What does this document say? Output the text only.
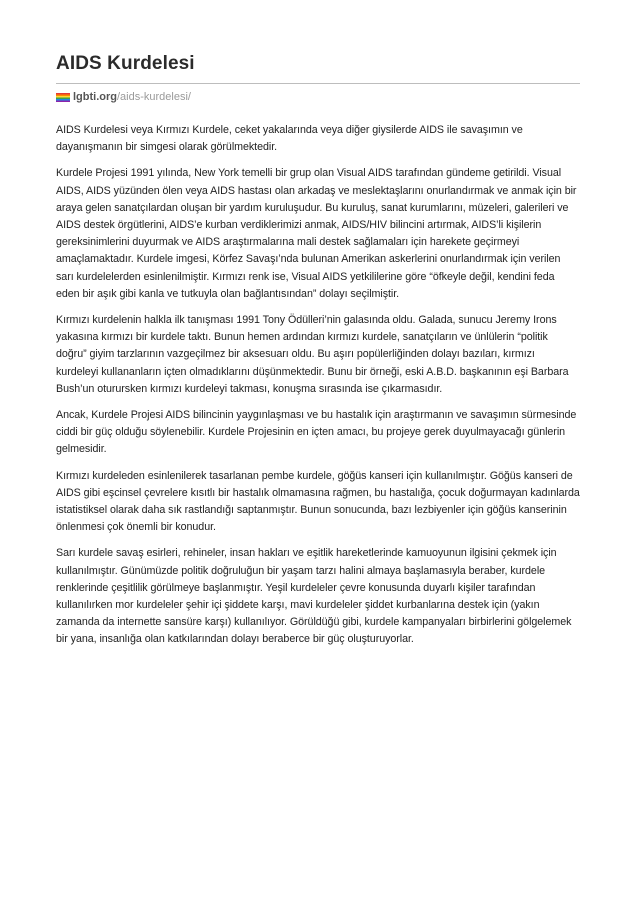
AIDS Kurdelesi
lgbti.org /aids-kurdelesi/

AIDS Kurdelesi veya Kırmızı Kurdele, ceket yakalarında veya diğer giysilerde AIDS ile savaşımın ve dayanışmanın bir simgesi olarak görülmektedir.

Kurdele Projesi 1991 yılında, New York temelli bir grup olan Visual AIDS tarafından gündeme getirildi. Visual AIDS, AIDS yüzünden ölen veya AIDS hastası olan arkadaş ve meslektaşlarını onurlandırmak ve anmak için bir araya gelen sanatçılardan oluşan bir yardım kuruluşudur. Bu kuruluş, sanat kurumlarını, müzeleri, galerileri ve AIDS destek örgütlerini, AIDS’e kurban verdiklerimizi anmak, AIDS/HIV bilincini artırmak, AIDS’li kişilerin gereksinimlerini duyurmak ve AIDS araştırmalarına mali destek sağlamaları için harekete geçirmeyi amaçlamaktadır. Kurdele imgesi, Körfez Savaşı’nda bulunan Amerikan askerlerini onurlandırmak için verilen sarı kurdelelerden esinlenilmiştir. Kırmızı renk ise, Visual AIDS yetkililerine göre “öfkeyle değil, kendini feda eden bir aşık gibi kanla ve tutkuyla olan bağlantısından” dolayı seçilmiştir.

Kırmızı kurdelenin halkla ilk tanışması 1991 Tony Ödülleri’nin galasında oldu. Galada, sunucu Jeremy Irons yakasına kırmızı bir kurdele taktı. Bunun hemen ardından kırmızı kurdele, sanatçıların ve ünlülerin “politik doğru” giyim tarzlarının vazgeçilmez bir aksesuarı oldu. Bu aşırı popülerliğinden dolayı bazıları, kırmızı kurdeleyi kullananların içten olmadıklarını düşünmektedir. Bunu bir örneği, eski A.B.D. başkanının eşi Barbara Bush’un oturursken kırmızı kurdeleyi takması, konuşma sırasında ise çıkarmasıdır.

Ancak, Kurdele Projesi AIDS bilincinin yaygınlaşması ve bu hastalık için araştırmanın ve savaşımın sürmesinde ciddi bir güç olduğu söylenebilir. Kurdele Projesinin en içten amacı, bu projeye gerek duyulmayacağı günlerin gelmesidir.

Kırmızı kurdeleden esinlenilerek tasarlanan pembe kurdele, göğüs kanseri için kullanılmıştır. Göğüs kanseri de AIDS gibi eşcinsel çevrelere kısıtlı bir hastalık olmamasına rağmen, bu hastalığa, çocuk doğurmayan kadınlarda istatistiksel olarak daha sık rastlandığı saptanmıştır. Bunun sonucunda, bazı lezbiyenler için göğüs kanserinin önlenmesi çok önemli bir konudur.

Sarı kurdele savaş esirleri, rehineler, insan hakları ve eşitlik hareketlerinde kamuoyunun ilgisini çekmek için kullanılmıştır. Günümüzde politik doğruluğun bir yaşam tarzı halini almaya başlamasıyla beraber, kurdele renklerinde çeşitlilik görülmeye başlanmıştır. Yeşil kurdeleler çevre konusunda duyarlı kişiler tarafından kullanılırken mor kurdeleler şehir içi şiddete karşı, mavi kurdeleler şiddet kurbanlarına destek için (yakın zamanda da internette sansüre karşı) kullanılıyor. Görüldüğü gibi, kurdele kampanyaları birbirlerini gölgelemek bir yana, insanlığa olan katkılarından dolayı beraberce bir güç oluşturuyorlar.
